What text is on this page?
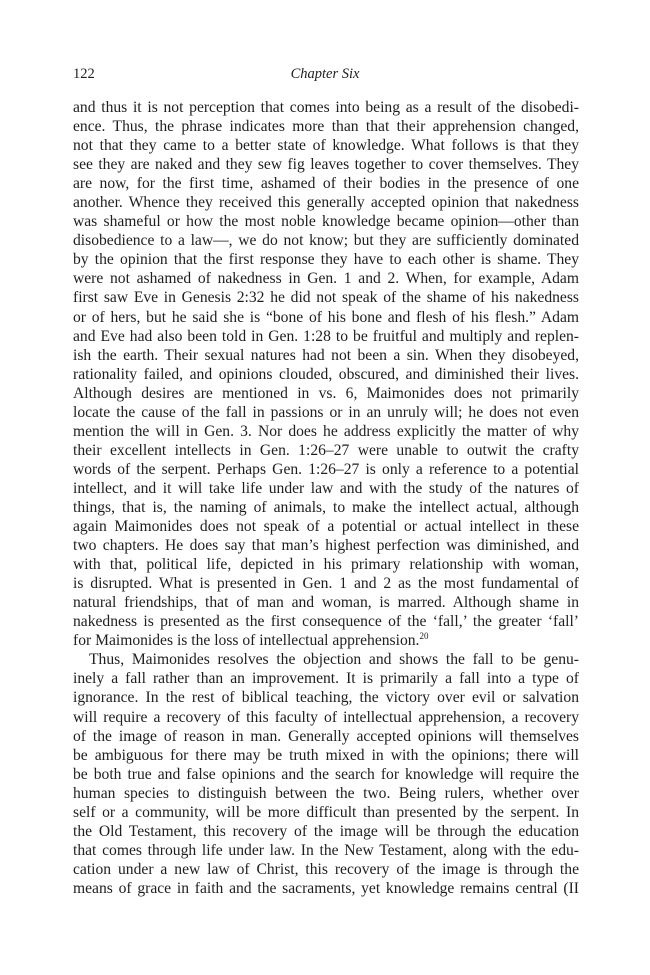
122	Chapter Six
and thus it is not perception that comes into being as a result of the disobedi-
ence. Thus, the phrase indicates more than that their apprehension changed,
not that they came to a better state of knowledge. What follows is that they
see they are naked and they sew fig leaves together to cover themselves. They
are now, for the first time, ashamed of their bodies in the presence of one
another. Whence they received this generally accepted opinion that nakedness
was shameful or how the most noble knowledge became opinion—other than
disobedience to a law—, we do not know; but they are sufficiently dominated
by the opinion that the first response they have to each other is shame. They
were not ashamed of nakedness in Gen. 1 and 2. When, for example, Adam
first saw Eve in Genesis 2:32 he did not speak of the shame of his nakedness
or of hers, but he said she is “bone of his bone and flesh of his flesh.” Adam
and Eve had also been told in Gen. 1:28 to be fruitful and multiply and replen-
ish the earth. Their sexual natures had not been a sin. When they disobeyed,
rationality failed, and opinions clouded, obscured, and diminished their lives.
Although desires are mentioned in vs. 6, Maimonides does not primarily
locate the cause of the fall in passions or in an unruly will; he does not even
mention the will in Gen. 3. Nor does he address explicitly the matter of why
their excellent intellects in Gen. 1:26–27 were unable to outwit the crafty
words of the serpent. Perhaps Gen. 1:26–27 is only a reference to a potential
intellect, and it will take life under law and with the study of the natures of
things, that is, the naming of animals, to make the intellect actual, although
again Maimonides does not speak of a potential or actual intellect in these
two chapters. He does say that man’s highest perfection was diminished, and
with that, political life, depicted in his primary relationship with woman,
is disrupted. What is presented in Gen. 1 and 2 as the most fundamental of
natural friendships, that of man and woman, is marred. Although shame in
nakedness is presented as the first consequence of the ‘fall,’ the greater ‘fall’
for Maimonides is the loss of intellectual apprehension.$^{20}$
Thus, Maimonides resolves the objection and shows the fall to be genu-
inely a fall rather than an improvement. It is primarily a fall into a type of
ignorance. In the rest of biblical teaching, the victory over evil or salvation
will require a recovery of this faculty of intellectual apprehension, a recovery
of the image of reason in man. Generally accepted opinions will themselves
be ambiguous for there may be truth mixed in with the opinions; there will
be both true and false opinions and the search for knowledge will require the
human species to distinguish between the two. Being rulers, whether over
self or a community, will be more difficult than presented by the serpent. In
the Old Testament, this recovery of the image will be through the education
that comes through life under law. In the New Testament, along with the edu-
cation under a new law of Christ, this recovery of the image is through the
means of grace in faith and the sacraments, yet knowledge remains central (II
